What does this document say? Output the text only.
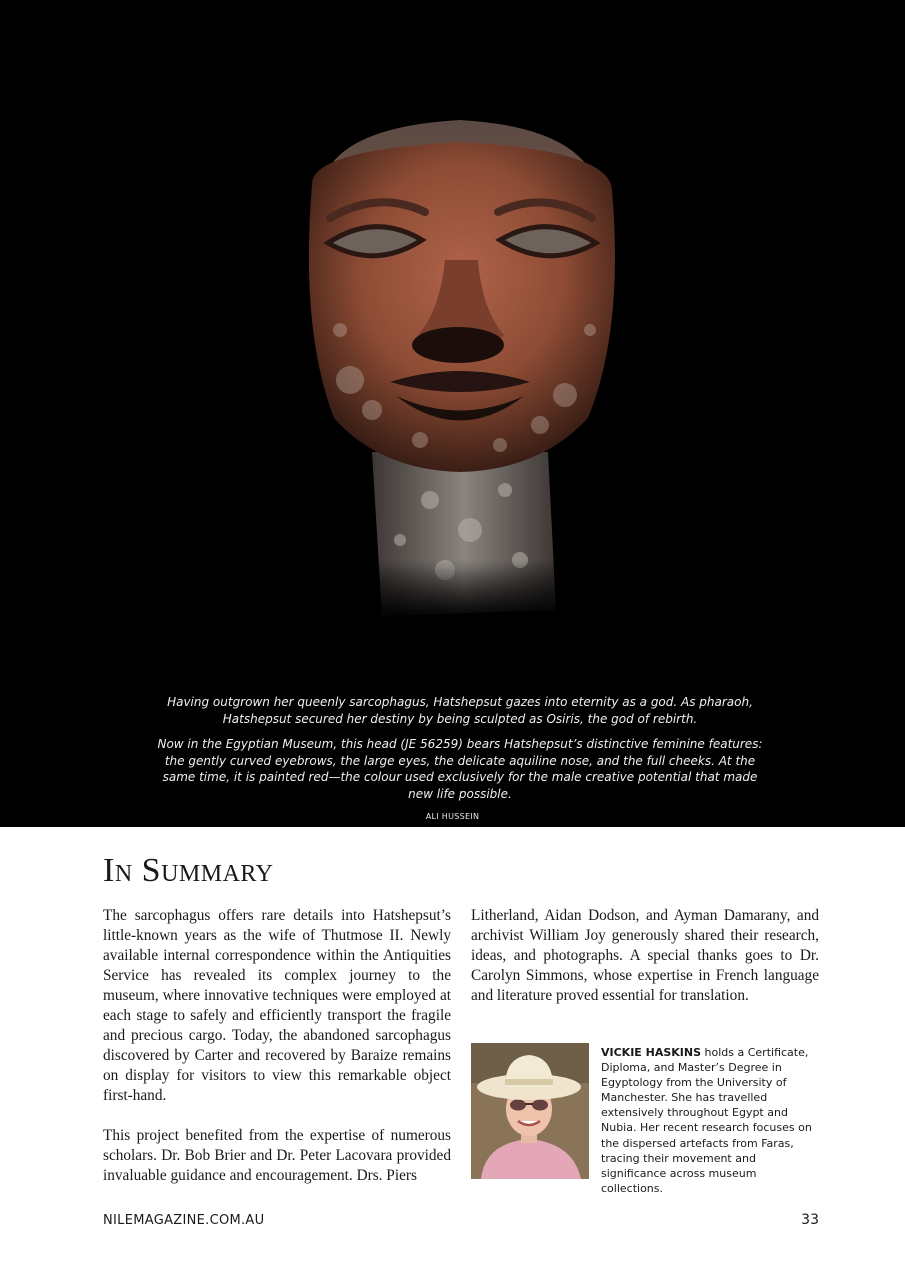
Having outgrown her queenly sarcophagus, Hatshepsut gazes into eternity as a god. As pharaoh, Hatshepsut secured her destiny by being sculpted as Osiris, the god of rebirth.

Now in the Egyptian Museum, this head (JE 56259) bears Hatshepsut’s distinctive feminine features: the gently curved eyebrows, the large eyes, the delicate aquiline nose, and the full cheeks. At the same time, it is painted red—the colour used exclusively for the male creative potential that made new life possible.

ALI HUSSEIN
In Summary

The sarcophagus offers rare details into Hatshepsut’s little-known years as the wife of Thutmose II. Newly available internal correspondence within the Antiquities Service has revealed its complex journey to the museum, where innovative techniques were employed at each stage to safely and efficiently transport the fragile and precious cargo. Today, the abandoned sarcophagus discovered by Carter and recovered by Baraize remains on display for visitors to view this remarkable object first-hand.

This project benefited from the expertise of numerous scholars. Dr. Bob Brier and Dr. Peter Lacovara provided invaluable guidance and encouragement. Drs. Piers

Litherland, Aidan Dodson, and Ayman Damarany, and archivist William Joy generously shared their research, ideas, and photographs. A special thanks goes to Dr. Carolyn Simmons, whose expertise in French language and literature proved essential for translation.

VICKIE HASKINS holds a Certificate, Diploma, and Master’s Degree in Egyptology from the University of Manchester. She has travelled extensively throughout Egypt and Nubia. Her recent research focuses on the dispersed artefacts from Faras, tracing their movement and significance across museum collections.
NILEMAGAZINE.COM.AU	33
